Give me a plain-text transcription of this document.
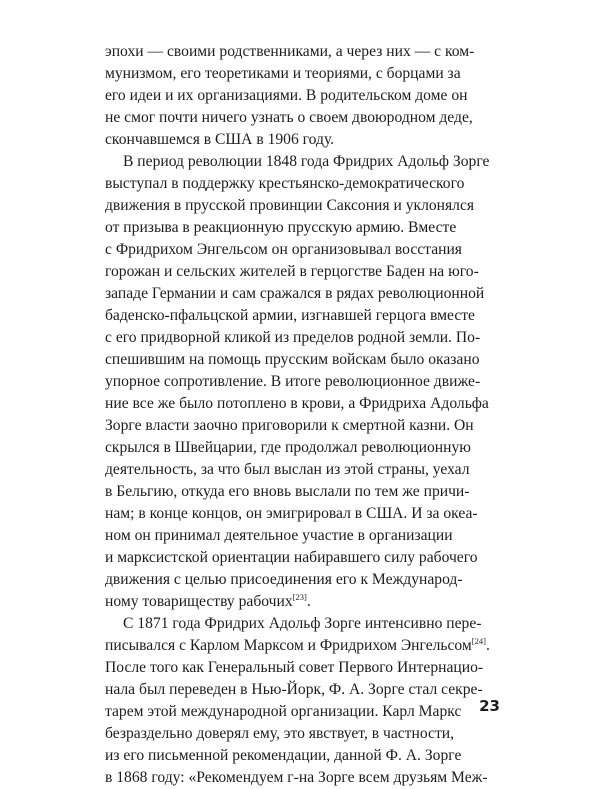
эпохи — своими родственниками, а через них — с ком-
мунизмом, его теоретиками и теориями, с борцами за
его идеи и их организациями. В родительском доме он
не смог почти ничего узнать о своем двоюродном деде,
скончавшемся в США в 1906 году.
В период революции 1848 года Фридрих Адольф Зорге
выступал в поддержку крестьянско-демократического
движения в прусской провинции Саксония и уклонялся
от призыва в реакционную прусскую армию. Вместе
с Фридрихом Энгельсом он организовывал восстания
горожан и сельских жителей в герцогстве Баден на юго-
западе Германии и сам сражался в рядах революционной
баденско-пфальцской армии, изгнавшей герцога вместе
с его придворной кликой из пределов родной земли. По-
спешившим на помощь прусским войскам было оказано
упорное сопротивление. В итоге революционное движе-
ние все же было потоплено в крови, а Фридриха Адольфа
Зорге власти заочно приговорили к смертной казни. Он
скрылся в Швейцарии, где продолжал революционную
деятельность, за что был выслан из этой страны, уехал
в Бельгию, откуда его вновь выслали по тем же причи-
нам; в конце концов, он эмигрировал в США. И за океа-
ном он принимал деятельное участие в организации
и марксистской ориентации набиравшего силу рабочего
движения с целью присоединения его к Международ-
ному товариществу рабочих[23].
С 1871 года Фридрих Адольф Зорге интенсивно пере-
писывался с Карлом Марксом и Фридрихом Энгельсом[24].
После того как Генеральный совет Первого Интернацио-
нала был переведен в Нью-Йорк, Ф. А. Зорге стал секре-
тарем этой международной организации. Карл Маркс
безраздельно доверял ему, это явствует, в частности,
из его письменной рекомендации, данной Ф. А. Зорге
в 1868 году: «Рекомендуем г-на Зорге всем друзьям Меж-
23
